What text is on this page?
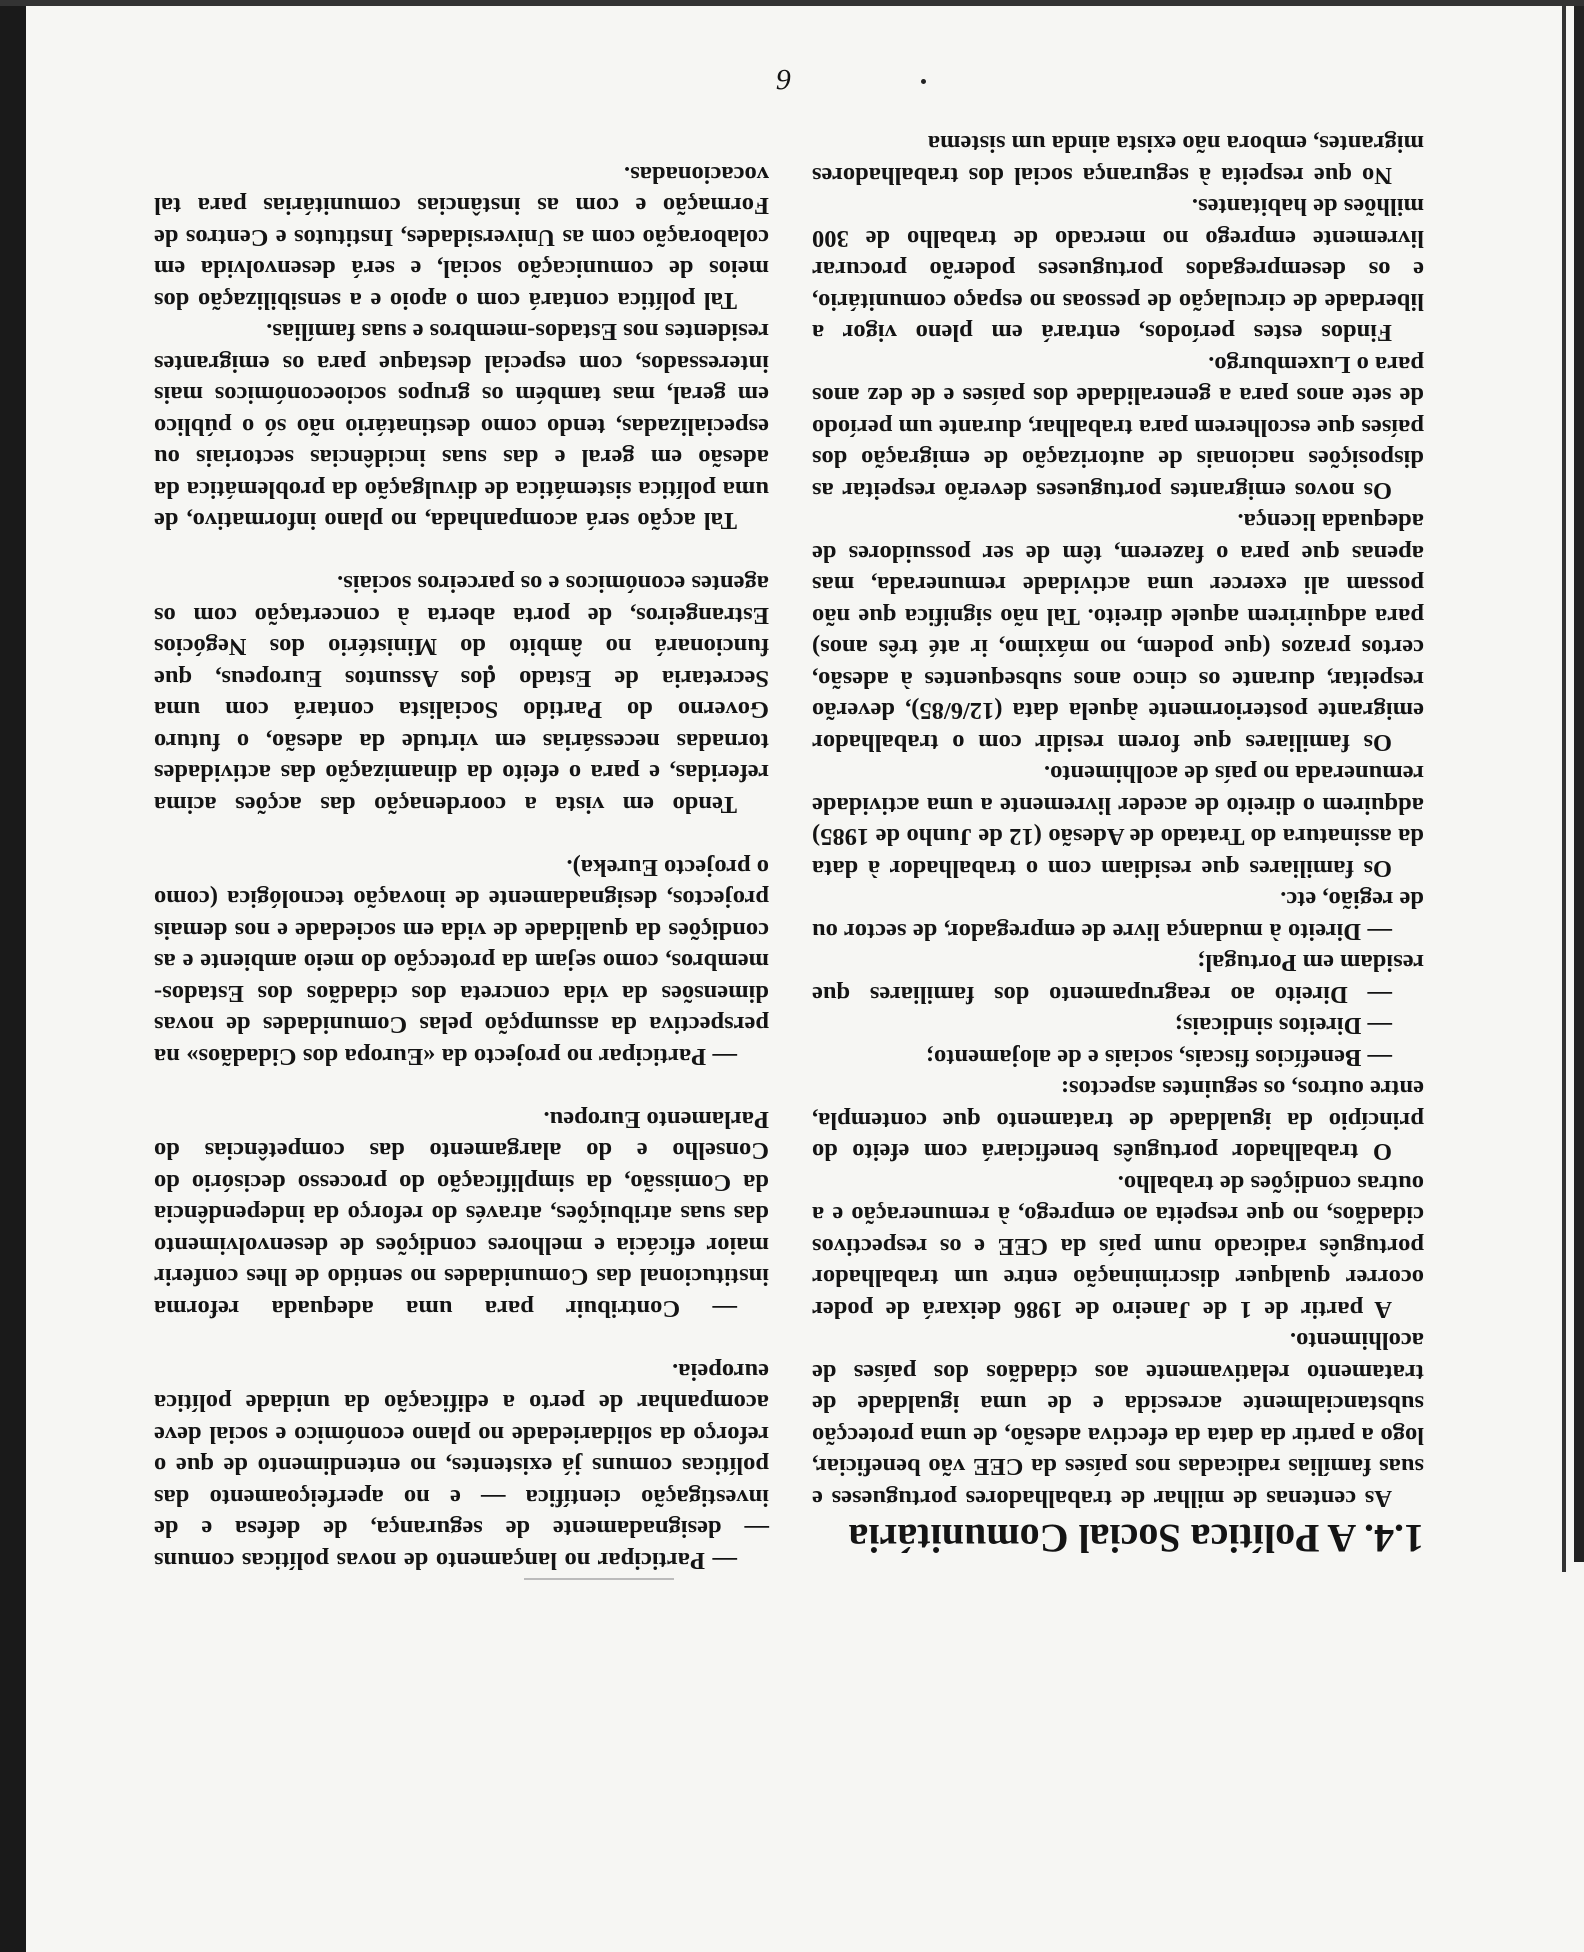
1.4. A Política Social Comunitária

As centenas de milhar de trabalhadores portugueses e suas famílias radicadas nos países da CEE vão beneficiar, logo a partir da data da efectiva adesão, de uma protecção substancialmente acrescida e de uma igualdade de tratamento relativamente aos cidadãos dos países de acolhimento.

A partir de 1 de Janeiro de 1986 deixará de poder ocorrer qualquer discriminação entre um trabalhador português radicado num país da CEE e os respectivos cidadãos, no que respeita ao emprego, à remuneração e a outras condições de trabalho.

O trabalhador português beneficiará com efeito do princípio da igualdade de tratamento que contempla, entre outros, os seguintes aspectos:

— Benefícios fiscais, sociais e de alojamento;

— Direitos sindicais;

— Direito ao reagrupamento dos familiares que residam em Portugal;

— Direito à mudança livre de empregador, de sector ou de região, etc.

Os familiares que residiam com o trabalhador à data da assinatura do Tratado de Adesão (12 de Junho de 1985) adquirem o direito de aceder livremente a uma actividade remunerada no país de acolhimento.

Os familiares que forem residir com o trabalhador emigrante posteriormente àquela data (12/6/85), deverão respeitar, durante os cinco anos subsequentes à adesão, certos prazos (que podem, no máximo, ir até três anos) para adquirirem aquele direito. Tal não significa que não possam ali exercer uma actividade remunerada, mas apenas que para o fazerem, têm de ser possuidores de adequada licença.

Os novos emigrantes portugueses deverão respeitar as disposições nacionais de autorização de emigração dos países que escolherem para trabalhar, durante um período de sete anos para a generalidade dos países e de dez anos para o Luxemburgo.

Findos estes períodos, entrará em pleno vigor a liberdade de circulação de pessoas no espaço comunitário, e os desempregados portugueses poderão procurar livremente emprego no mercado de trabalho de 300 milhões de habitantes.

No que respeita à segurança social dos trabalhadores migrantes, embora não exista ainda um sistema

— Participar no lançamento de novas políticas comuns — designadamente de segurança, de defesa e de investigação científica — e no aperfeiçoamento das políticas comuns já existentes, no entendimento de que o reforço da solidariedade no plano económico e social deve acompanhar de perto a edificação da unidade política europeia.

— Contribuir para uma adequada reforma institucional das Comunidades no sentido de lhes conferir maior eficácia e melhores condições de desenvolvimento das suas atribuições, através do reforço da independência da Comissão, da simplificação do processo decisório do Conselho e do alargamento das competências do Parlamento Europeu.

— Participar no projecto da «Europa dos Cidadãos» na perspectiva da assumpção pelas Comunidades de novas dimensões da vida concreta dos cidadãos dos Estados-membros, como sejam da protecção do meio ambiente e as condições da qualidade de vida em sociedade e nos demais projectos, designadamente de inovação tecnológica (como o projecto Eureka).

Tendo em vista a coordenação das acções acima referidas, e para o efeito da dinamização das actividades tornadas necessárias em virtude da adesão, o futuro Governo do Partido Socialista contará com uma Secretaria de Estado dos Assuntos Europeus, que funcionará no âmbito do Ministério dos Negócios Estrangeiros, de porta aberta à concertação com os agentes económicos e os parceiros sociais.

Tal acção será acompanhada, no plano informativo, de uma política sistemática de divulgação da problemática da adesão em geral e das suas incidências sectoriais ou especializadas, tendo como destinatário não só o público em geral, mas também os grupos socioeconómicos mais interessados, com especial destaque para os emigrantes residentes nos Estados-membros e suas famílias.

Tal política contará com o apoio e a sensibilização dos meios de comunicação social, e será desenvolvida em colaboração com as Universidades, Institutos e Centros de Formação e com as instâncias comunitárias para tal vocacionadas.

6
